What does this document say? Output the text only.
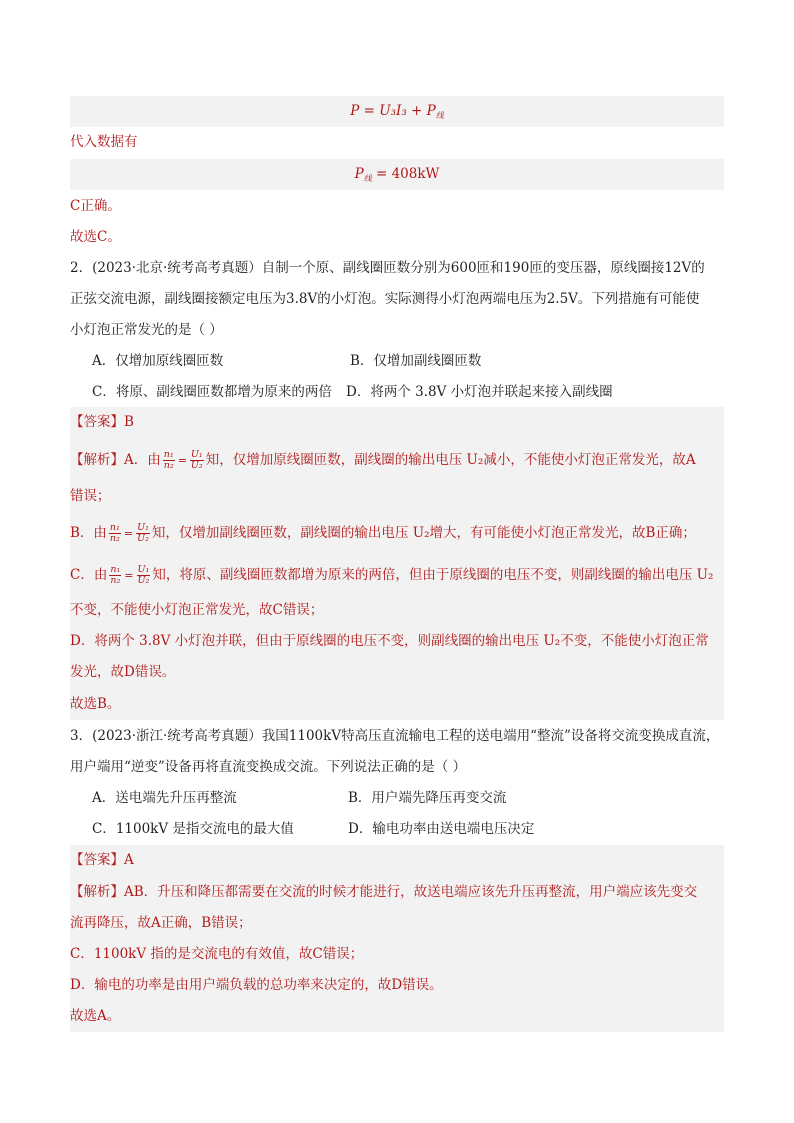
$P = U_3I_3 + P_线$
代入数据有
$P_线 = 408kW$
C正确。
故选C。
2．(2023·北京·统考高考真题）自制一个原、副线圈匝数分别为600匝和190匝的变压器，原线圈接12V的
正弦交流电源，副线圈接额定电压为3.8V的小灯泡。实际测得小灯泡两端电压为2.5V。下列措施有可能使
小灯泡正常发光的是（ ）
A．仅增加原线圈匝数	B．仅增加副线圈匝数
C．将原、副线圈匝数都增为原来的两倍 D．将两个 3.8V 小灯泡并联起来接入副线圈
【答案】B
【解析】A．由 $\frac{\text{n₁}}{\text{n₂}} = \frac{\text{U₁}}{\text{U₂}}$ 知，仅增加原线圈匝数，副线圈的输出电压 U₂减小，不能使小灯泡正常发光，故A
错误；
B．由 $\frac{\text{n₁}}{\text{n₂}} = \frac{\text{U₁}}{\text{U₂}}$ 知，仅增加副线圈匝数，副线圈的输出电压 U₂增大，有可能使小灯泡正常发光，故B正确；
C．由 $\frac{\text{n₁}}{\text{n₂}} = \frac{\text{U₁}}{\text{U₂}}$ 知，将原、副线圈匝数都增为原来的两倍，但由于原线圈的电压不变，则副线圈的输出电压 U₂
不变，不能使小灯泡正常发光，故C错误；
D．将两个 3.8V 小灯泡并联，但由于原线圈的电压不变，则副线圈的输出电压 U₂不变，不能使小灯泡正常
发光，故D错误。
故选B。
3．(2023·浙江·统考高考真题）我国1100kV特高压直流输电工程的送电端用“整流”设备将交流变换成直流，
用户端用“逆变”设备再将直流变换成交流。下列说法正确的是（ ）
A．送电端先升压再整流	B．用户端先降压再变交流
C．1100kV 是指交流电的最大值	D．输电功率由送电端电压决定
【答案】A
【解析】AB．升压和降压都需要在交流的时候才能进行，故送电端应该先升压再整流，用户端应该先变交
流再降压，故A正确，B错误；
C．1100kV 指的是交流电的有效值，故C错误；
D．输电的功率是由用户端负载的总功率来决定的，故D错误。
故选A。
